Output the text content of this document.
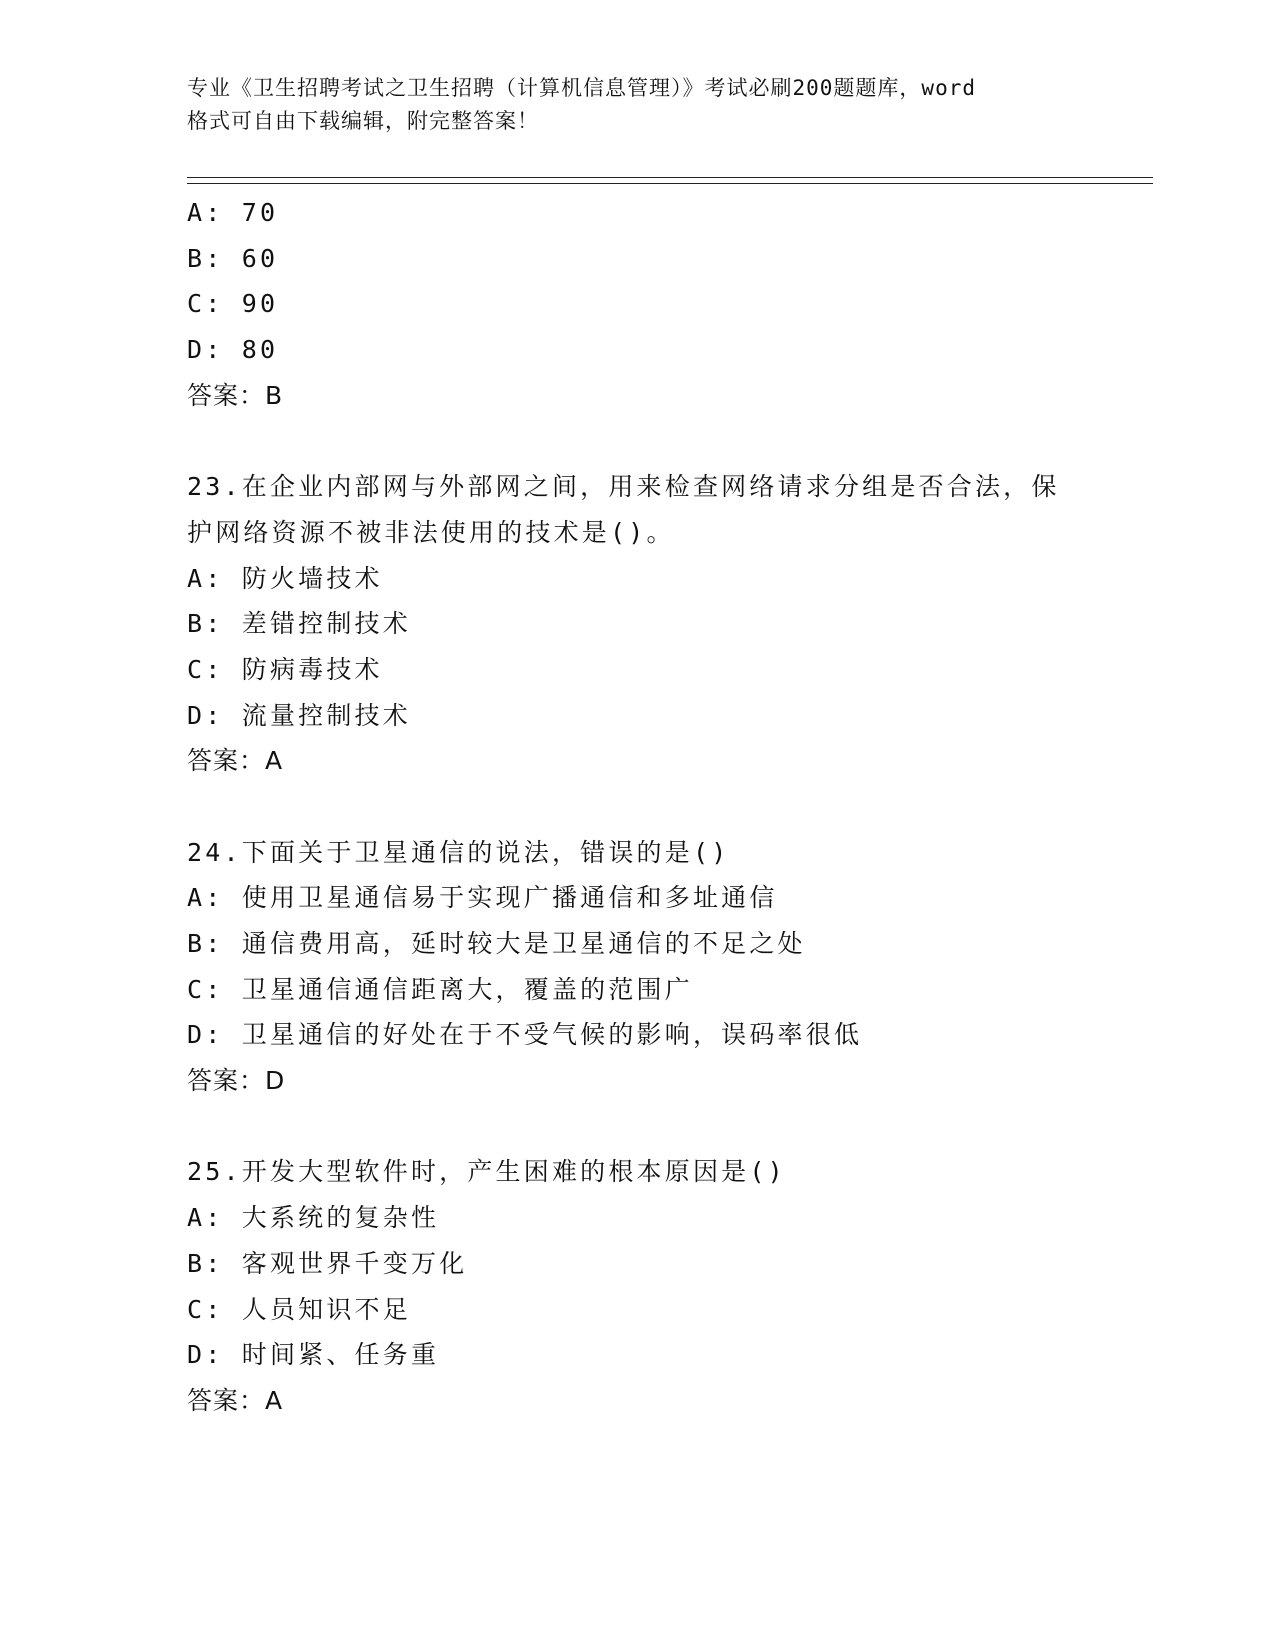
专业《卫生招聘考试之卫生招聘（计算机信息管理）》考试必刷200题题库，word
格式可自由下载编辑，附完整答案！
A: 70
B: 60
C: 90
D: 80
答案：B
23.在企业内部网与外部网之间，用来检查网络请求分组是否合法，保
护网络资源不被非法使用的技术是()。
A: 防火墙技术
B: 差错控制技术
C: 防病毒技术
D: 流量控制技术
答案：A
24.下面关于卫星通信的说法，错误的是()
A: 使用卫星通信易于实现广播通信和多址通信
B: 通信费用高，延时较大是卫星通信的不足之处
C: 卫星通信通信距离大，覆盖的范围广
D: 卫星通信的好处在于不受气候的影响，误码率很低
答案：D
25.开发大型软件时，产生困难的根本原因是()
A: 大系统的复杂性
B: 客观世界千变万化
C: 人员知识不足
D: 时间紧、任务重
答案：A
